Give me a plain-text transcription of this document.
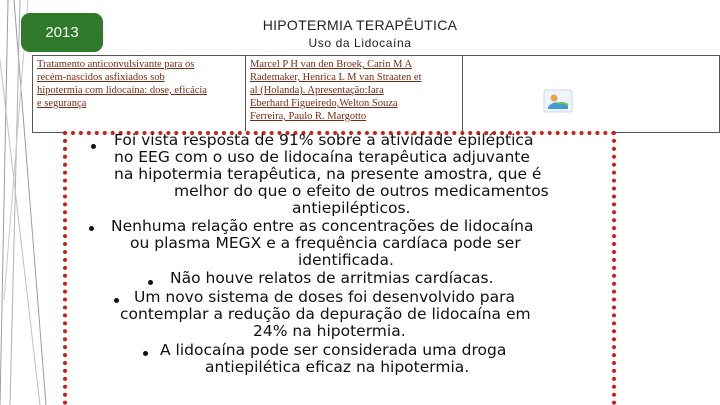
2013	HIPOTERMIA TERAPÊUTICA
Uso da Lidocaína
Tratamento anticonvulsivante para os
recém-nascidos asfixiados sob
hipotermia com lidocaína: dose, eficácia
e segurança

Marcel P H van den Broek, Carin M A
Rademaker, Henrica L M van Straaten et
al (Holanda). Apresentação:Iara
Eberhard Figueiredo,Welton Souza
Ferreira, Paulo R. Margotto

Foi vista resposta de 91% sobre a atividade epiléptica
no EEG com o uso de lidocaína terapêutica adjuvante
na hipotermia terapêutica, na presente amostra, que é
melhor do que o efeito de outros medicamentos
antiepilépticos.
Nenhuma relação entre as concentrações de lidocaína
ou plasma MEGX e a frequência cardíaca pode ser
identificada.
Não houve relatos de arritmias cardíacas.
Um novo sistema de doses foi desenvolvido para
contemplar a redução da depuração de lidocaína em
24% na hipotermia.
A lidocaína pode ser considerada uma droga
antiepilética eficaz na hipotermia.
